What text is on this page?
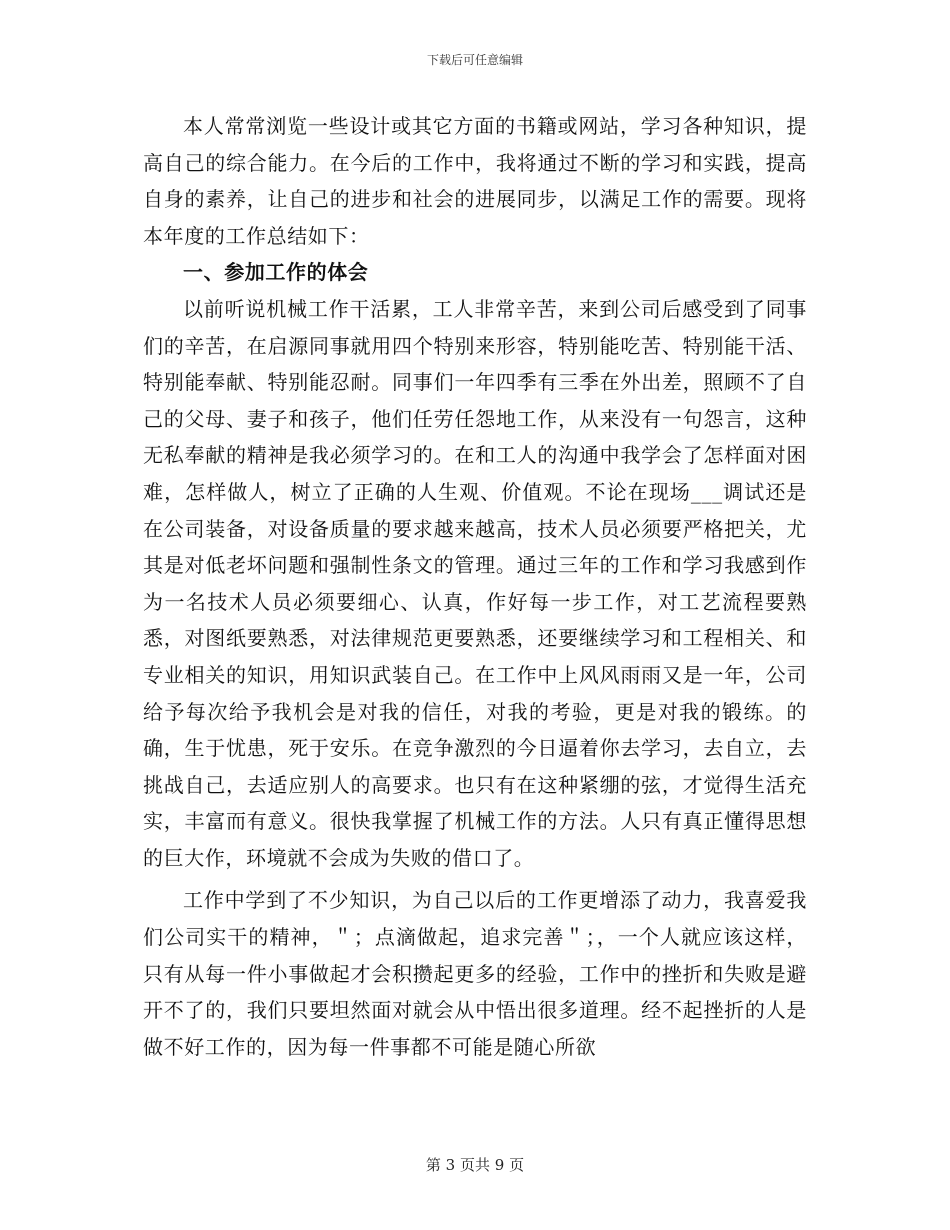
下载后可任意编辑

本人常常浏览一些设计或其它方面的书籍或网站，学习各种知识，提高自己的综合能力。在今后的工作中，我将通过不断的学习和实践，提高自身的素养，让自己的进步和社会的进展同步，以满足工作的需要。现将本年度的工作总结如下：

一、参加工作的体会

以前听说机械工作干活累，工人非常辛苦，来到公司后感受到了同事们的辛苦，在启源同事就用四个特别来形容，特别能吃苦、特别能干活、特别能奉献、特别能忍耐。同事们一年四季有三季在外出差，照顾不了自己的父母、妻子和孩子，他们任劳任怨地工作，从来没有一句怨言，这种无私奉献的精神是我必须学习的。在和工人的沟通中我学会了怎样面对困难，怎样做人，树立了正确的人生观、价值观。不论在现场___调试还是在公司装备，对设备质量的要求越来越高，技术人员必须要严格把关，尤其是对低老坏问题和强制性条文的管理。通过三年的工作和学习我感到作为一名技术人员必须要细心、认真，作好每一步工作，对工艺流程要熟悉，对图纸要熟悉，对法律规范更要熟悉，还要继续学习和工程相关、和专业相关的知识，用知识武装自己。在工作中上风风雨雨又是一年，公司给予每次给予我机会是对我的信任，对我的考验，更是对我的锻练。的确，生于忧患，死于安乐。在竞争激烈的今日逼着你去学习，去自立，去挑战自己，去适应别人的高要求。也只有在这种紧绷的弦，才觉得生活充实，丰富而有意义。很快我掌握了机械工作的方法。人只有真正懂得思想的巨大作，环境就不会成为失败的借口了。

工作中学到了不少知识，为自己以后的工作更增添了动力，我喜爱我们公司实干的精神，＂；点滴做起，追求完善＂；，一个人就应该这样，只有从每一件小事做起才会积攒起更多的经验，工作中的挫折和失败是避开不了的，我们只要坦然面对就会从中悟出很多道理。经不起挫折的人是做不好工作的，因为每一件事都不可能是随心所欲

第 3 页共 9 页
